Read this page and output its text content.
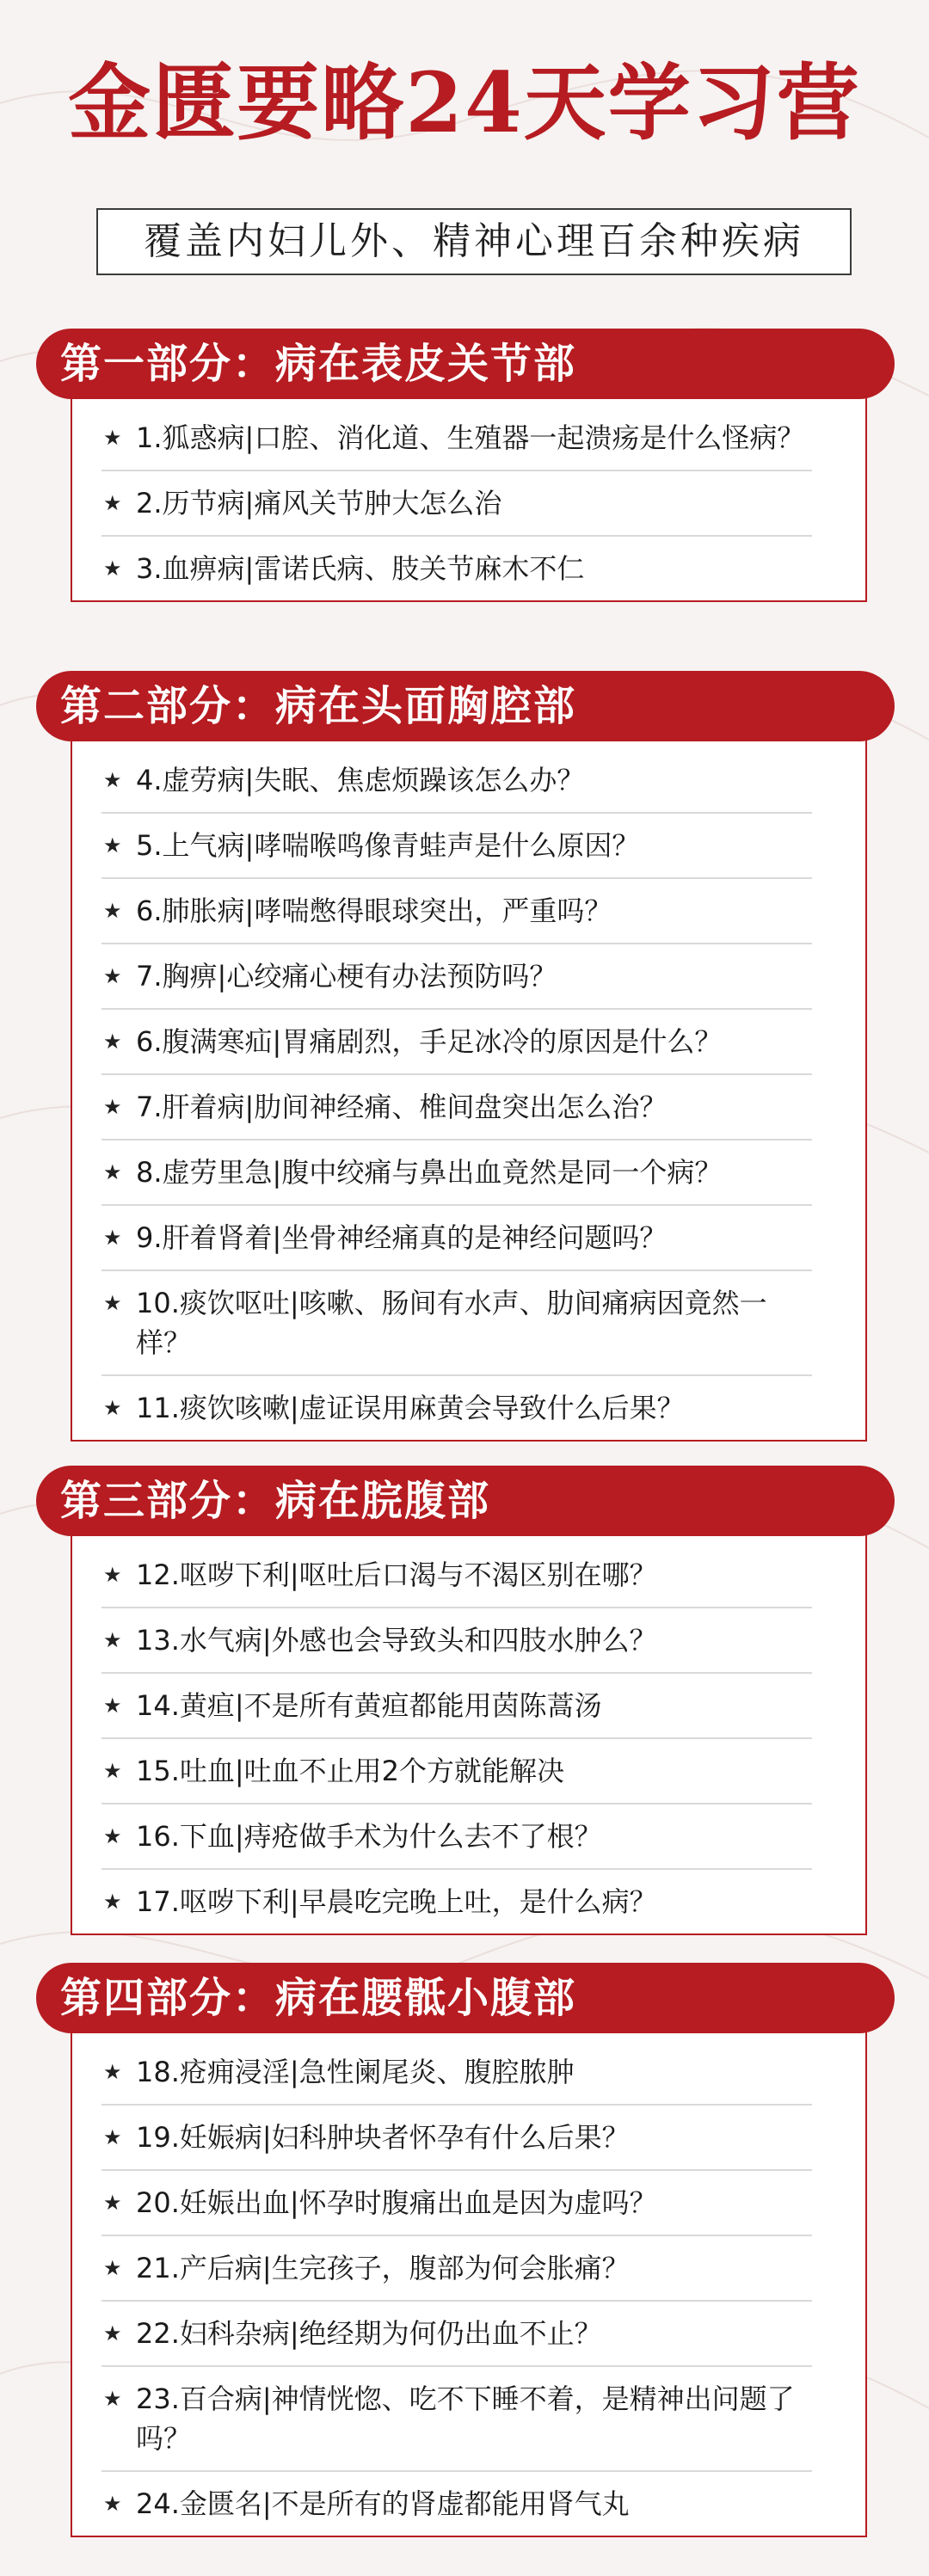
金匮要略24天学习营
覆盖内妇儿外、精神心理百余种疾病
★ 1.狐惑病|口腔、消化道、生殖器一起溃疡是什么怪病？
★ 2.历节病|痛风关节肿大怎么治
★ 3.血痹病|雷诺氏病、肢关节麻木不仁
第一部分：病在表皮关节部
★ 4.虚劳病|失眠、焦虑烦躁该怎么办？
★ 5.上气病|哮喘喉鸣像青蛙声是什么原因？
★ 6.肺胀病|哮喘憋得眼球突出，严重吗？
★ 7.胸痹|心绞痛心梗有办法预防吗？
★ 6.腹满寒疝|胃痛剧烈，手足冰冷的原因是什么？
★ 7.肝着病|肋间神经痛、椎间盘突出怎么治？
★ 8.虚劳里急|腹中绞痛与鼻出血竟然是同一个病？
★ 9.肝着肾着|坐骨神经痛真的是神经问题吗？
★ 10.痰饮呕吐|咳嗽、肠间有水声、肋间痛病因竟然一样？
★ 11.痰饮咳嗽|虚证误用麻黄会导致什么后果？
第二部分：病在头面胸腔部
★ 12.呕哕下利|呕吐后口渴与不渴区别在哪？
★ 13.水气病|外感也会导致头和四肢水肿么？
★ 14.黄疸|不是所有黄疸都能用茵陈蒿汤
★ 15.吐血|吐血不止用2个方就能解决
★ 16.下血|痔疮做手术为什么去不了根？
★ 17.呕哕下利|早晨吃完晚上吐，是什么病？
第三部分：病在脘腹部
★ 18.疮痈浸淫|急性阑尾炎、腹腔脓肿
★ 19.妊娠病|妇科肿块者怀孕有什么后果？
★ 20.妊娠出血|怀孕时腹痛出血是因为虚吗？
★ 21.产后病|生完孩子，腹部为何会胀痛？
★ 22.妇科杂病|绝经期为何仍出血不止？
★ 23.百合病|神情恍惚、吃不下睡不着，是精神出问题了吗？
★ 24.金匮名|不是所有的肾虚都能用肾气丸
第四部分：病在腰骶小腹部
